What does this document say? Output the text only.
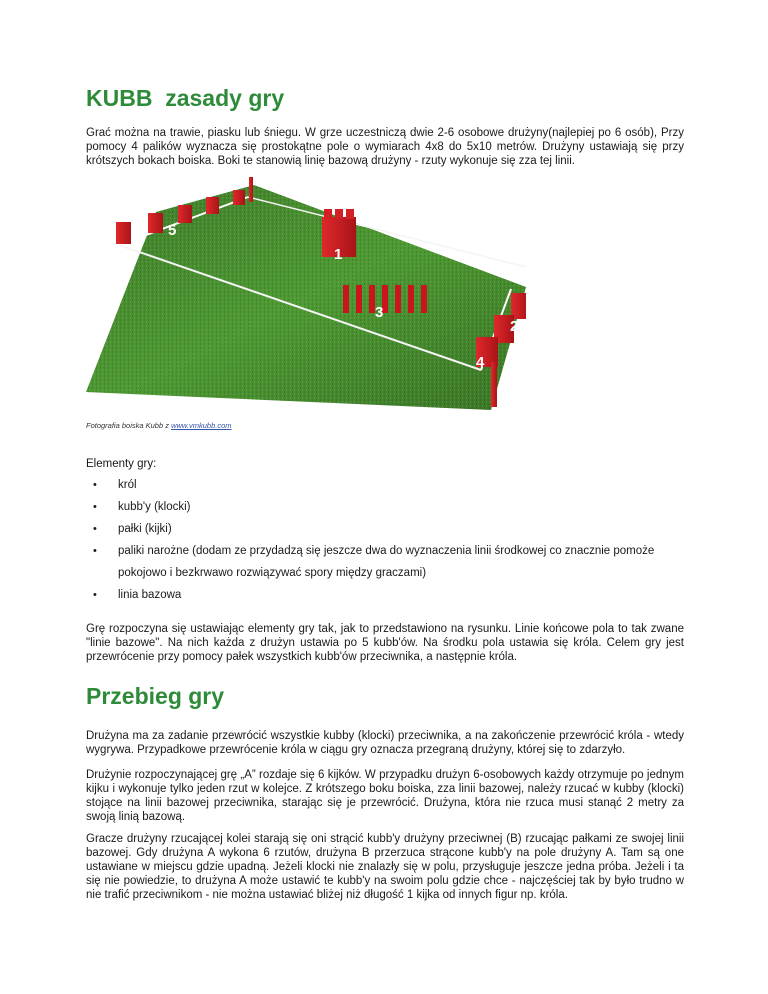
KUBB  zasady gry

Grać można na trawie, piasku lub śniegu. W grze uczestniczą dwie 2-6 osobowe drużyny(najlepiej po 6 osób), Przy pomocy 4 palików wyznacza się prostokątne pole o wymiarach 4x8 do 5x10 metrów. Drużyny ustawiają się przy krótszych bokach boiska. Boki te stanowią linię bazową drużyny - rzuty wykonuje się zza tej linii.

5
1
3
2
4
Fotografia boiska Kubb z www.vmkubb.com
Elementy gry:
• król
• kubb'y (klocki)
• pałki (kijki)
• paliki narożne (dodam ze przydadzą się jeszcze dwa do wyznaczenia linii środkowej co znacznie pomoże pokojowo i bezkrwawo rozwiązywać spory między graczami)
• linia bazowa

Grę rozpoczyna się ustawiając elementy gry tak, jak to przedstawiono na rysunku. Linie końcowe pola to tak zwane "linie bazowe". Na nich każda z drużyn ustawia po 5 kubb'ów. Na środku pola ustawia się króla. Celem gry jest przewrócenie przy pomocy pałek wszystkich kubb'ów przeciwnika, a następnie króla.

Przebieg gry

Drużyna ma za zadanie przewrócić wszystkie kubby (klocki) przeciwnika, a na zakończenie przewrócić króla - wtedy wygrywa. Przypadkowe przewrócenie króla w ciągu gry oznacza przegraną drużyny, której się to zdarzyło.

Drużynie rozpoczynającej grę „A” rozdaje się 6 kijków. W przypadku drużyn 6-osobowych każdy otrzymuje po jednym kijku i wykonuje tylko jeden rzut w kolejce. Z krótszego boku boiska, zza linii bazowej, należy rzucać w kubby (klocki) stojące na linii bazowej przeciwnika, starając się je przewrócić. Drużyna, która nie rzuca musi stanąć 2 metry za swoją linią bazową.

Gracze drużyny rzucającej kolei starają się oni strącić kubb'y drużyny przeciwnej (B) rzucając pałkami ze swojej linii bazowej. Gdy drużyna A wykona 6 rzutów, drużyna B przerzuca strącone kubb'y na pole drużyny A. Tam są one ustawiane w miejscu gdzie upadną. Jeżeli klocki nie znalazły się w polu, przysługuje jeszcze jedna próba. Jeżeli i ta się nie powiedzie, to drużyna A może ustawić te kubb'y na swoim polu gdzie chce - najczęściej tak by było trudno w nie trafić przeciwnikom - nie można ustawiać bliżej niż długość 1 kijka od innych figur np. króla.
